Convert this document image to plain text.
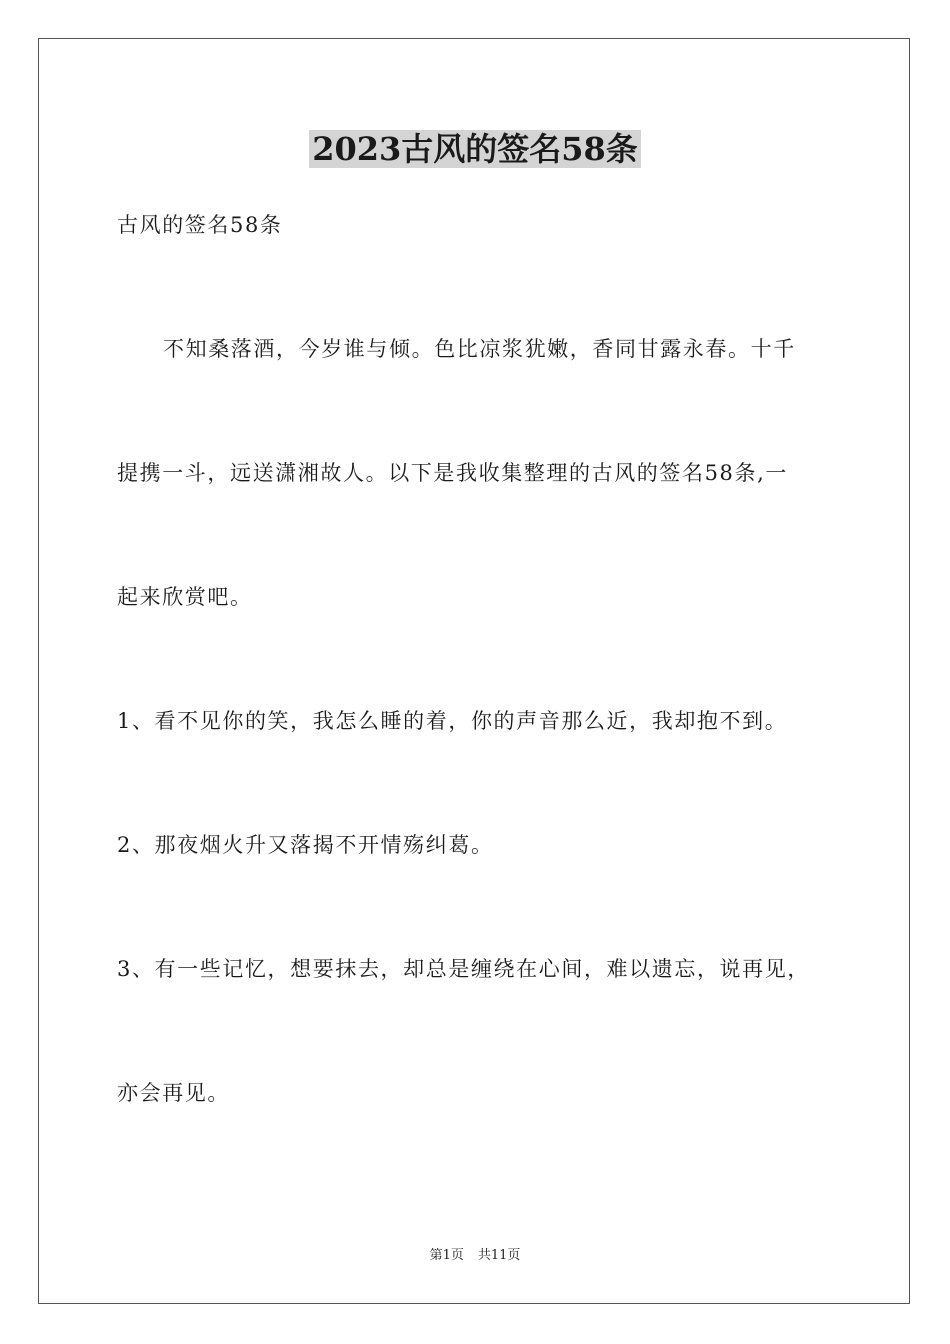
2023古风的签名58条
古风的签名58条
不知桑落酒，今岁谁与倾。色比凉浆犹嫩，香同甘露永春。十千
提携一斗，远送潇湘故人。以下是我收集整理的古风的签名58条,一
起来欣赏吧。
1、看不见你的笑，我怎么睡的着，你的声音那么近，我却抱不到。
2、那夜烟火升又落揭不开情殇纠葛。
3、有一些记忆，想要抹去，却总是缠绕在心间，难以遗忘，说再见，
亦会再见。
第1页 共11页
